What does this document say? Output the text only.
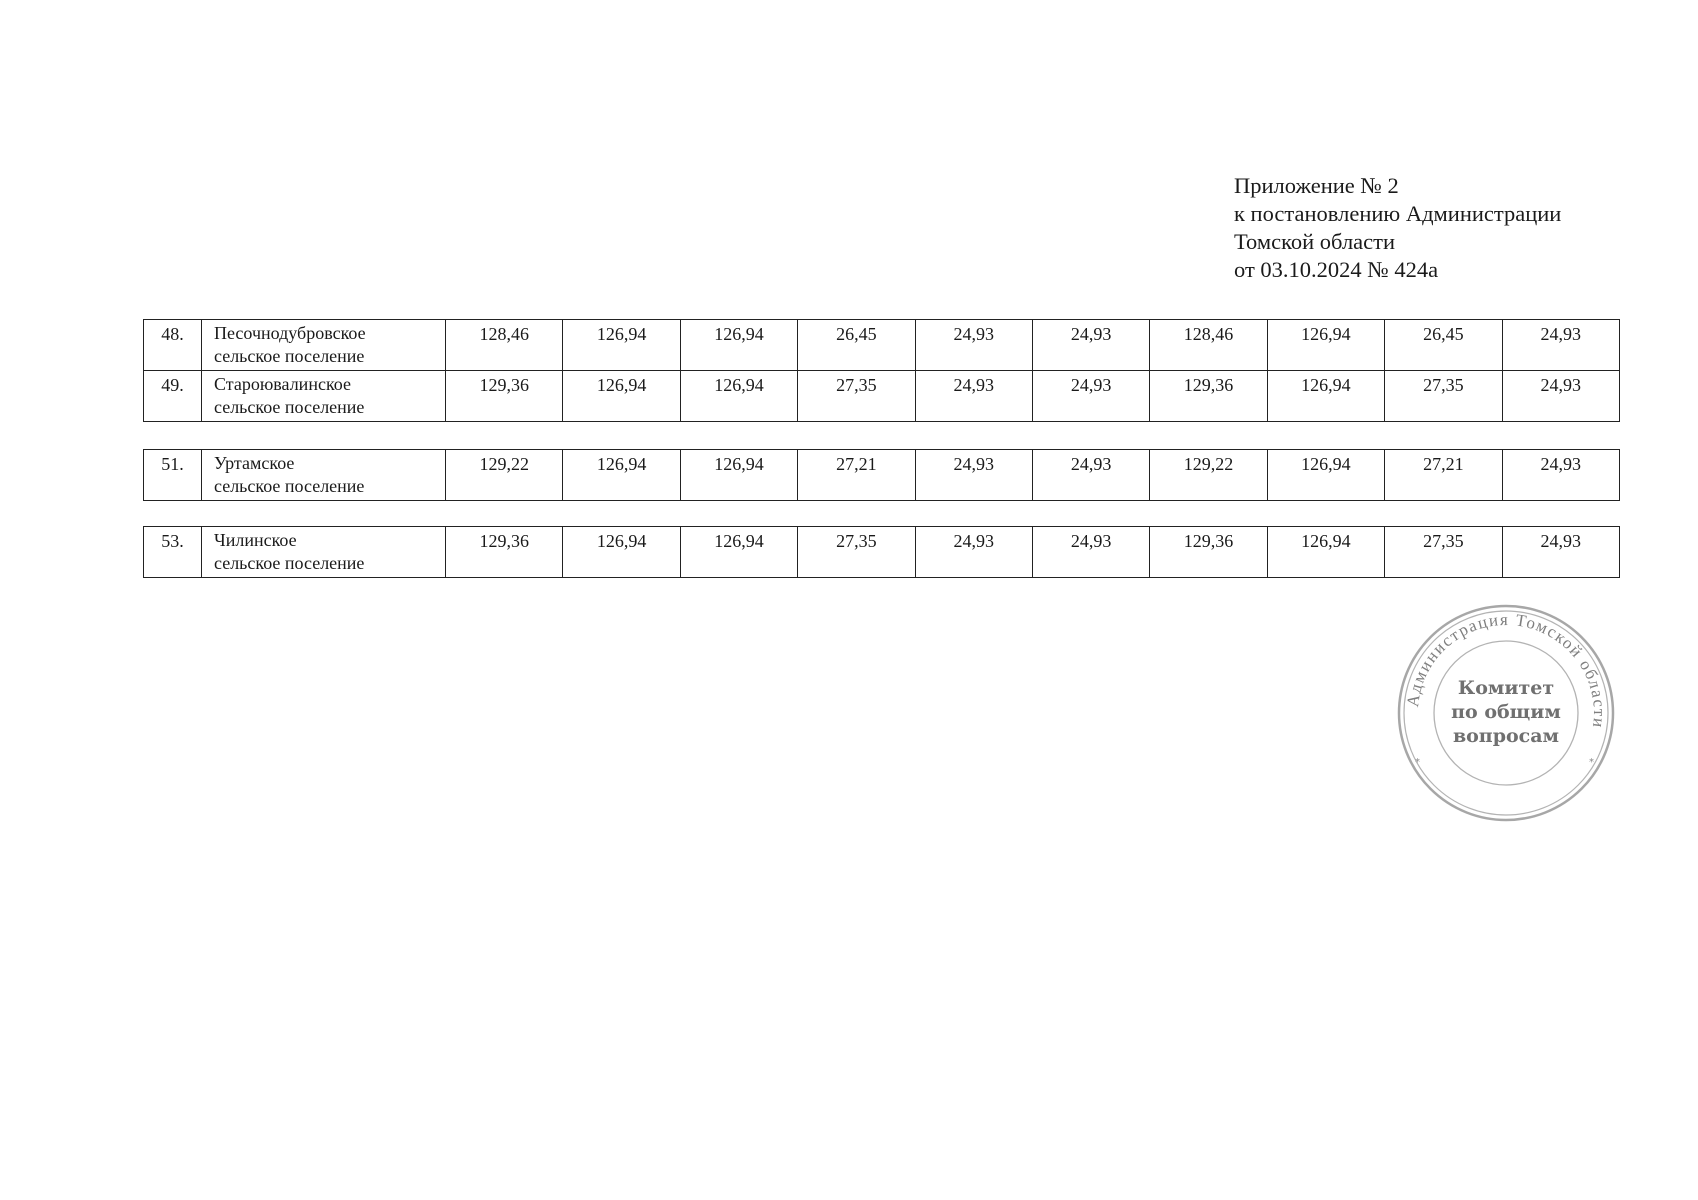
Приложение № 2
к постановлению Администрации
Томской области
от 03.10.2024 № 424а
48.	Песочнодубровское
сельское поселение	128,46	126,94	126,94	26,45	24,93	24,93	128,46	126,94	26,45	24,93
49.	Староювалинское
сельское поселение	129,36	126,94	126,94	27,35	24,93	24,93	129,36	126,94	27,35	24,93
51.	Уртамское
сельское поселение
	129,22	126,94	126,94	27,21	24,93	24,93	129,22	126,94	27,21	24,93
53.	Чилинское
сельское поселение
	129,36	126,94	126,94	27,35	24,93	24,93	129,36	126,94	27,35	24,93
Администрация Томской области
*	*
Комитет
по общим
вопросам
